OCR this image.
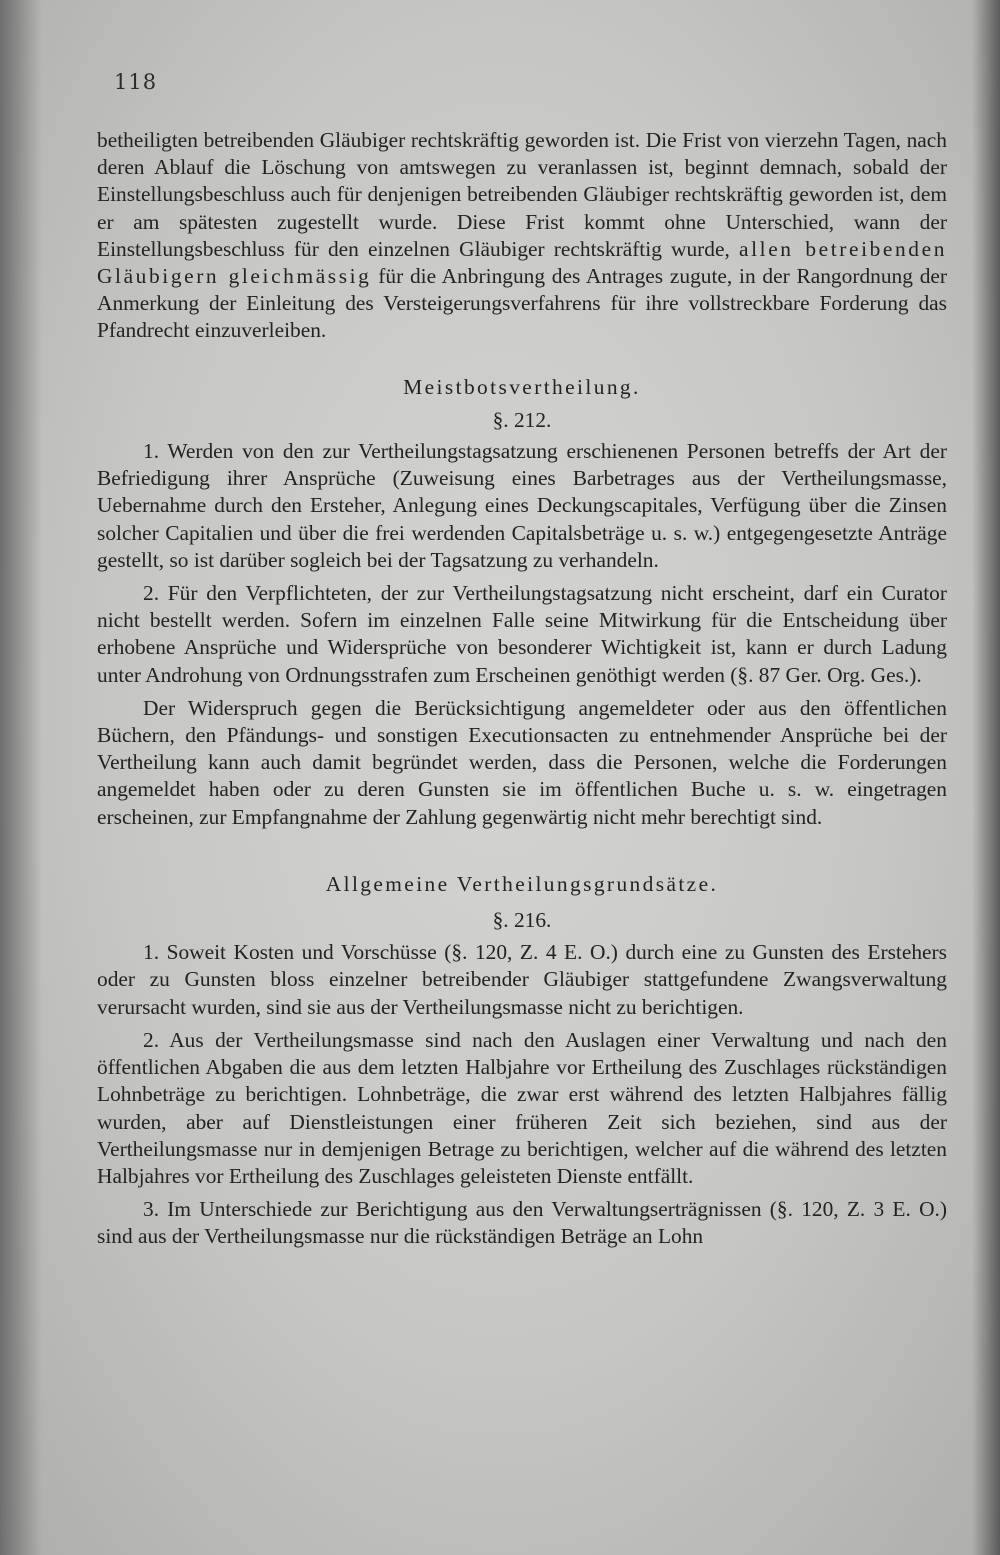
118

betheiligten betreibenden Gläubiger rechtskräftig geworden ist. Die Frist von vierzehn Tagen, nach deren Ablauf die Löschung von amtswegen zu veranlassen ist, beginnt demnach, sobald der Einstellungsbeschluss auch für denjenigen betreibenden Gläubiger rechtskräftig geworden ist, dem er am spätesten zugestellt wurde. Diese Frist kommt ohne Unterschied, wann der Einstellungsbeschluss für den einzelnen Gläubiger rechtskräftig wurde, allen betreibenden Gläubigern gleichmässig für die Anbringung des Antrages zugute, in der Rangordnung der Anmerkung der Einleitung des Versteigerungsverfahrens für ihre vollstreckbare Forderung das Pfandrecht einzuverleiben.

Meistbotsvertheilung.
§. 212.

1. Werden von den zur Vertheilungstagsatzung erschienenen Personen betreffs der Art der Befriedigung ihrer Ansprüche (Zuweisung eines Barbetrages aus der Vertheilungsmasse, Uebernahme durch den Ersteher, Anlegung eines Deckungscapitales, Verfügung über die Zinsen solcher Capitalien und über die frei werdenden Capitalsbeträge u. s. w.) entgegengesetzte Anträge gestellt, so ist darüber sogleich bei der Tagsatzung zu verhandeln.

2. Für den Verpflichteten, der zur Vertheilungstagsatzung nicht erscheint, darf ein Curator nicht bestellt werden. Sofern im einzelnen Falle seine Mitwirkung für die Entscheidung über erhobene Ansprüche und Widersprüche von besonderer Wichtigkeit ist, kann er durch Ladung unter Androhung von Ordnungsstrafen zum Erscheinen genöthigt werden (§. 87 Ger. Org. Ges.).

Der Widerspruch gegen die Berücksichtigung angemeldeter oder aus den öffentlichen Büchern, den Pfändungs- und sonstigen Executionsacten zu entnehmender Ansprüche bei der Vertheilung kann auch damit begründet werden, dass die Personen, welche die Forderungen angemeldet haben oder zu deren Gunsten sie im öffentlichen Buche u. s. w. eingetragen erscheinen, zur Empfangnahme der Zahlung gegenwärtig nicht mehr berechtigt sind.

Allgemeine Vertheilungsgrundsätze.
§. 216.

1. Soweit Kosten und Vorschüsse (§. 120, Z. 4 E. O.) durch eine zu Gunsten des Erstehers oder zu Gunsten bloss einzelner betreibender Gläubiger stattgefundene Zwangsverwaltung verursacht wurden, sind sie aus der Vertheilungsmasse nicht zu berichtigen.

2. Aus der Vertheilungsmasse sind nach den Auslagen einer Verwaltung und nach den öffentlichen Abgaben die aus dem letzten Halbjahre vor Ertheilung des Zuschlages rückständigen Lohnbeträge zu berichtigen. Lohnbeträge, die zwar erst während des letzten Halbjahres fällig wurden, aber auf Dienstleistungen einer früheren Zeit sich beziehen, sind aus der Vertheilungsmasse nur in demjenigen Betrage zu berichtigen, welcher auf die während des letzten Halbjahres vor Ertheilung des Zuschlages geleisteten Dienste entfällt.

3. Im Unterschiede zur Berichtigung aus den Verwaltungserträgnissen (§. 120, Z. 3 E. O.) sind aus der Vertheilungsmasse nur die rückständigen Beträge an Lohn
